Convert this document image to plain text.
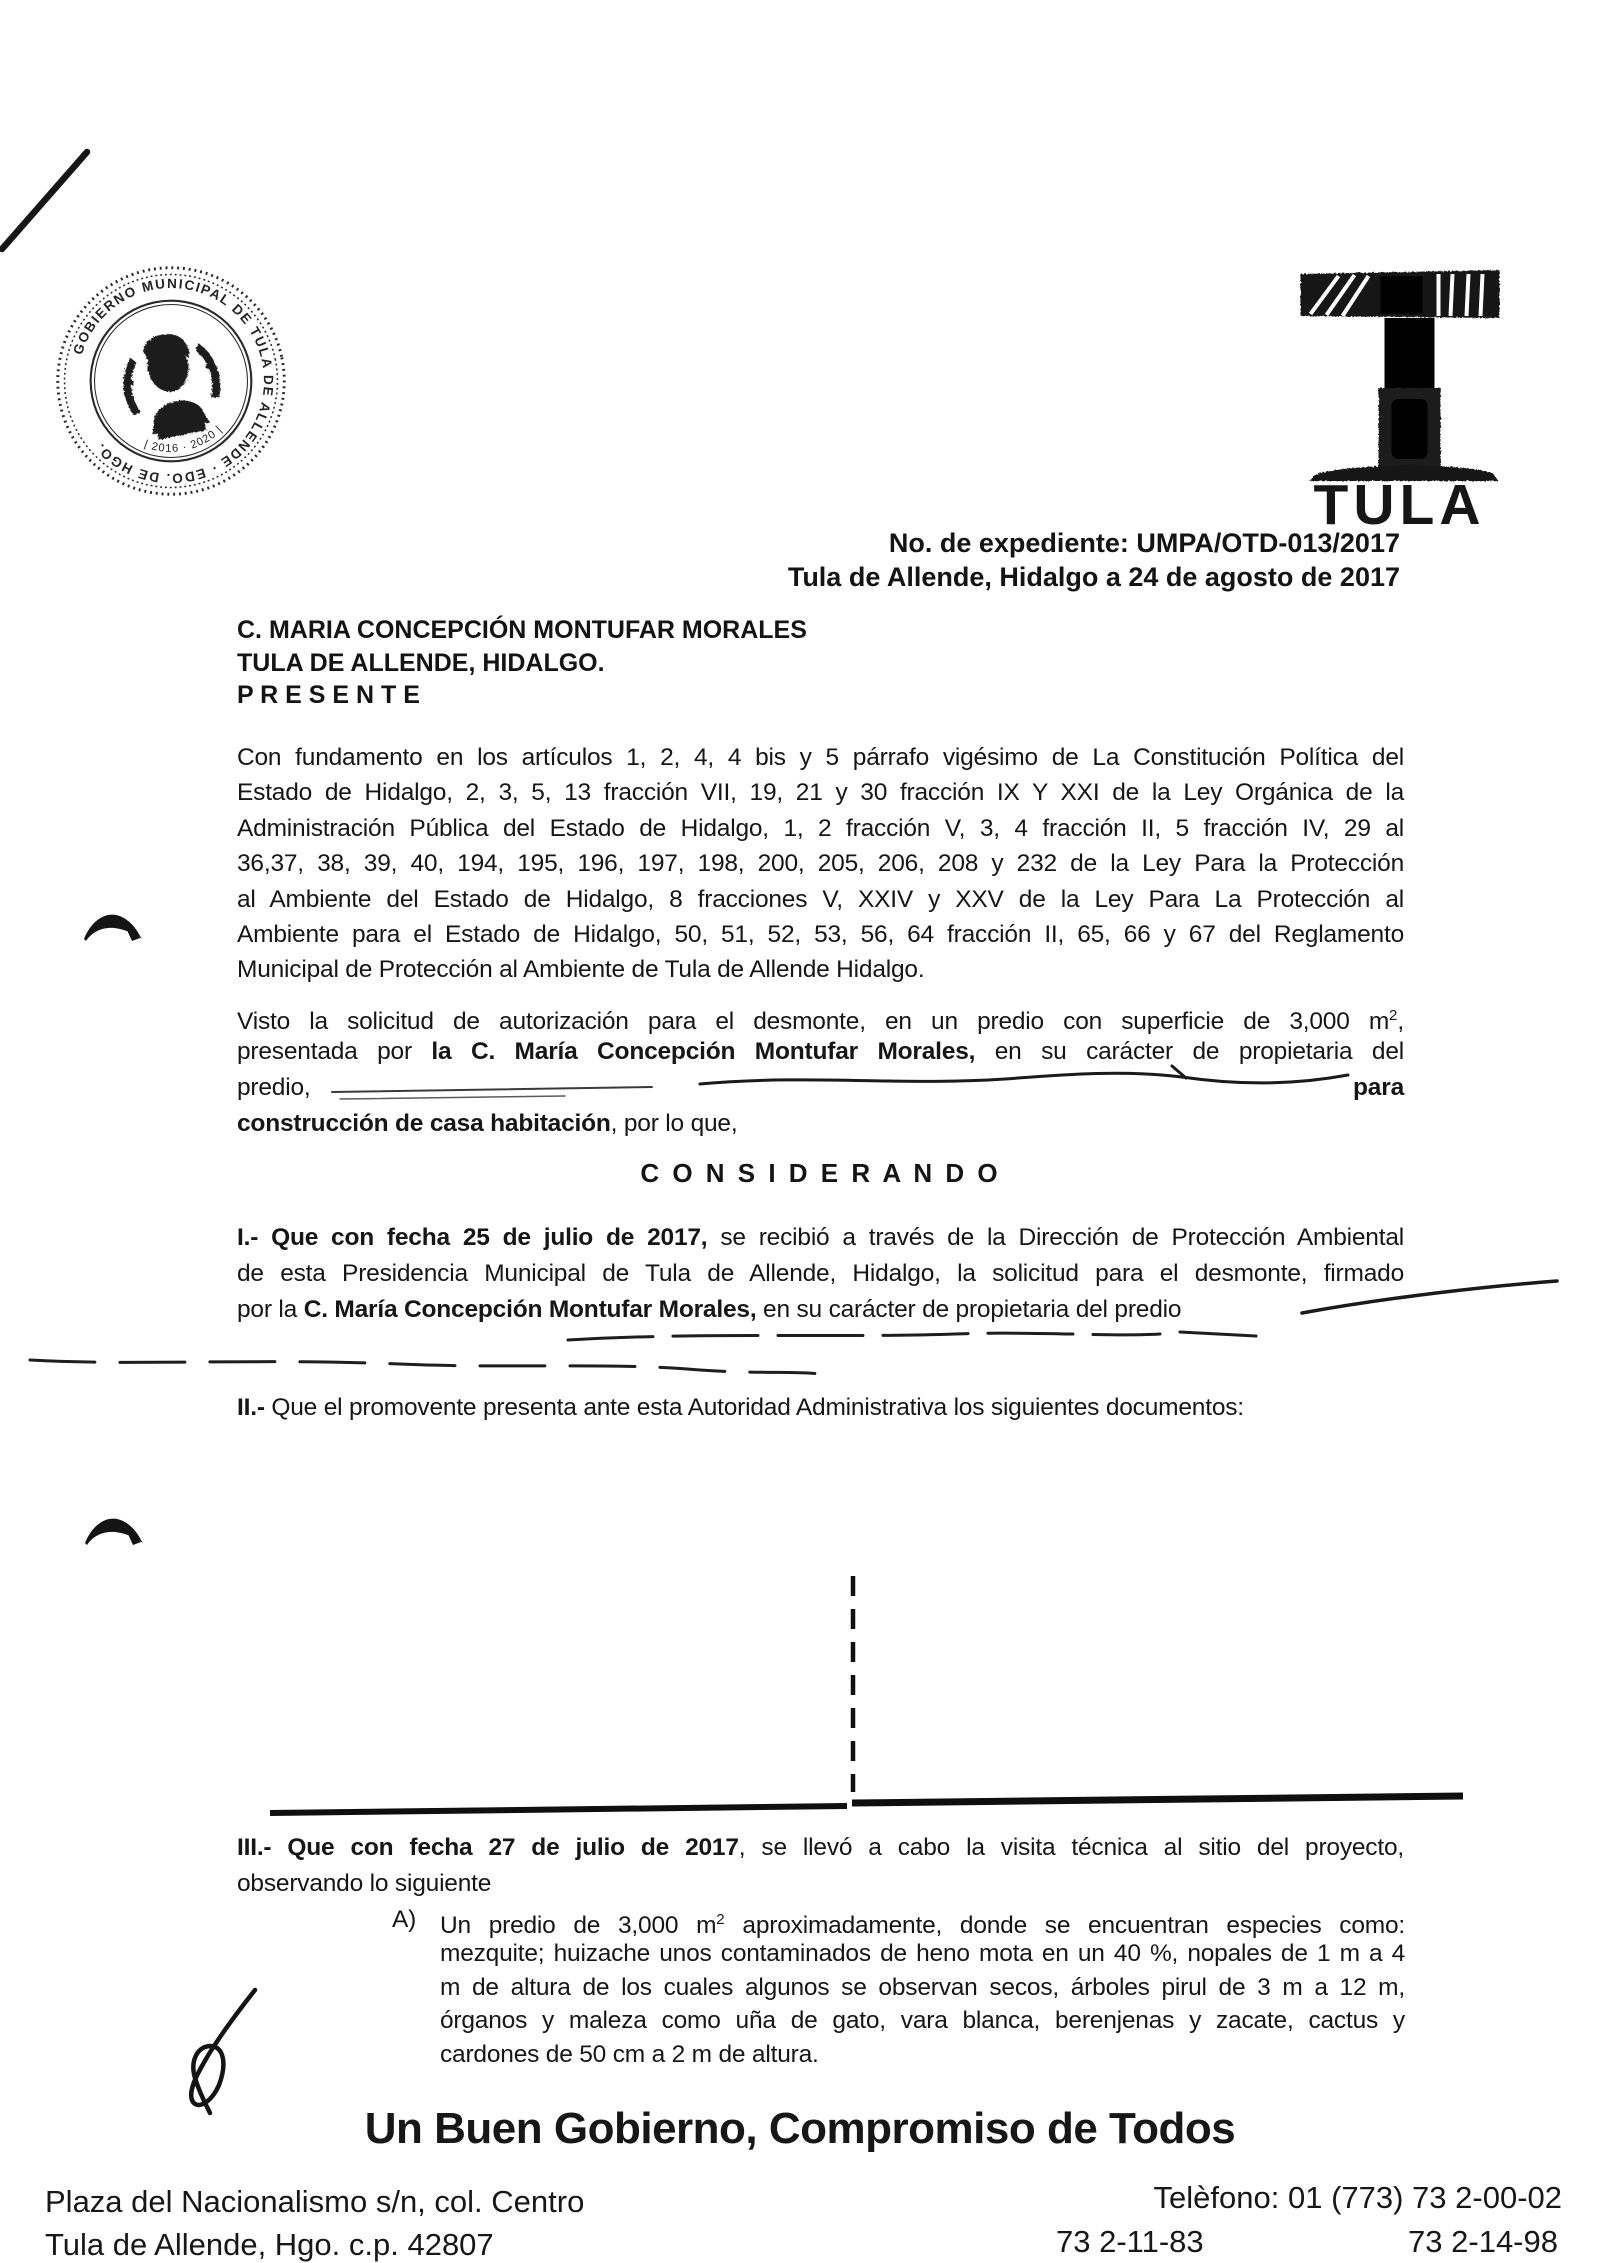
GOBIERNO MUNICIPAL DE TULA DE ALLENDE · EDO. DE HGO.	| 2016 · 2020 |
TULA
No. de expediente: UMPA/OTD-013/2017
Tula de Allende, Hidalgo a 24 de agosto de 2017
C. MARIA CONCEPCIÓN MONTUFAR MORALES
TULA DE ALLENDE, HIDALGO.
P R E S E N T E
Con fundamento en los artículos 1, 2, 4, 4 bis y 5 párrafo vigésimo de La Constitución Política del
Estado de Hidalgo, 2, 3, 5, 13 fracción VII, 19, 21 y 30 fracción IX Y XXI de la Ley Orgánica de la
Administración Pública del Estado de Hidalgo, 1, 2 fracción V, 3, 4 fracción II, 5 fracción IV, 29 al
36,37, 38, 39, 40, 194, 195, 196, 197, 198, 200, 205, 206, 208 y 232 de la Ley Para la Protección
al Ambiente del Estado de Hidalgo, 8 fracciones V, XXIV y XXV de la Ley Para La Protección al
Ambiente para el Estado de Hidalgo, 50, 51, 52, 53, 56, 64 fracción II, 65, 66 y 67 del Reglamento
Municipal de Protección al Ambiente de Tula de Allende Hidalgo.
Visto la solicitud de autorización para el desmonte, en un predio con superficie de 3,000 $m^2$,
presentada por la C. María Concepción Montufar Morales, en su carácter de propietaria del
predio,	para
construcción de casa habitación, por lo que,
C O N S I D E R A N D O
I.- Que con fecha 25 de julio de 2017, se recibió a través de la Dirección de Protección Ambiental
de esta Presidencia Municipal de Tula de Allende, Hidalgo, la solicitud para el desmonte, firmado
por la C. María Concepción Montufar Morales, en su carácter de propietaria del predio
II.- Que el promovente presenta ante esta Autoridad Administrativa los siguientes documentos:
III.- Que con fecha 27 de julio de 2017, se llevó a cabo la visita técnica al sitio del proyecto,
observando lo siguiente
A) Un predio de 3,000 $m^2$ aproximadamente, donde se encuentran especies como:
mezquite; huizache unos contaminados de heno mota en un 40 %, nopales de 1 m a 4
m de altura de los cuales algunos se observan secos, árboles pirul de 3 m a 12 m,
órganos y maleza como uña de gato, vara blanca, berenjenas y zacate, cactus y
cardones de 50 cm a 2 m de altura.
Un Buen Gobierno, Compromiso de Todos
Plaza del Nacionalismo s/n, col. Centro
Tula de Allende, Hgo. c.p. 42807
Telèfono: 01 (773) 73 2-00-02
73 2-11-83	73 2-14-98
